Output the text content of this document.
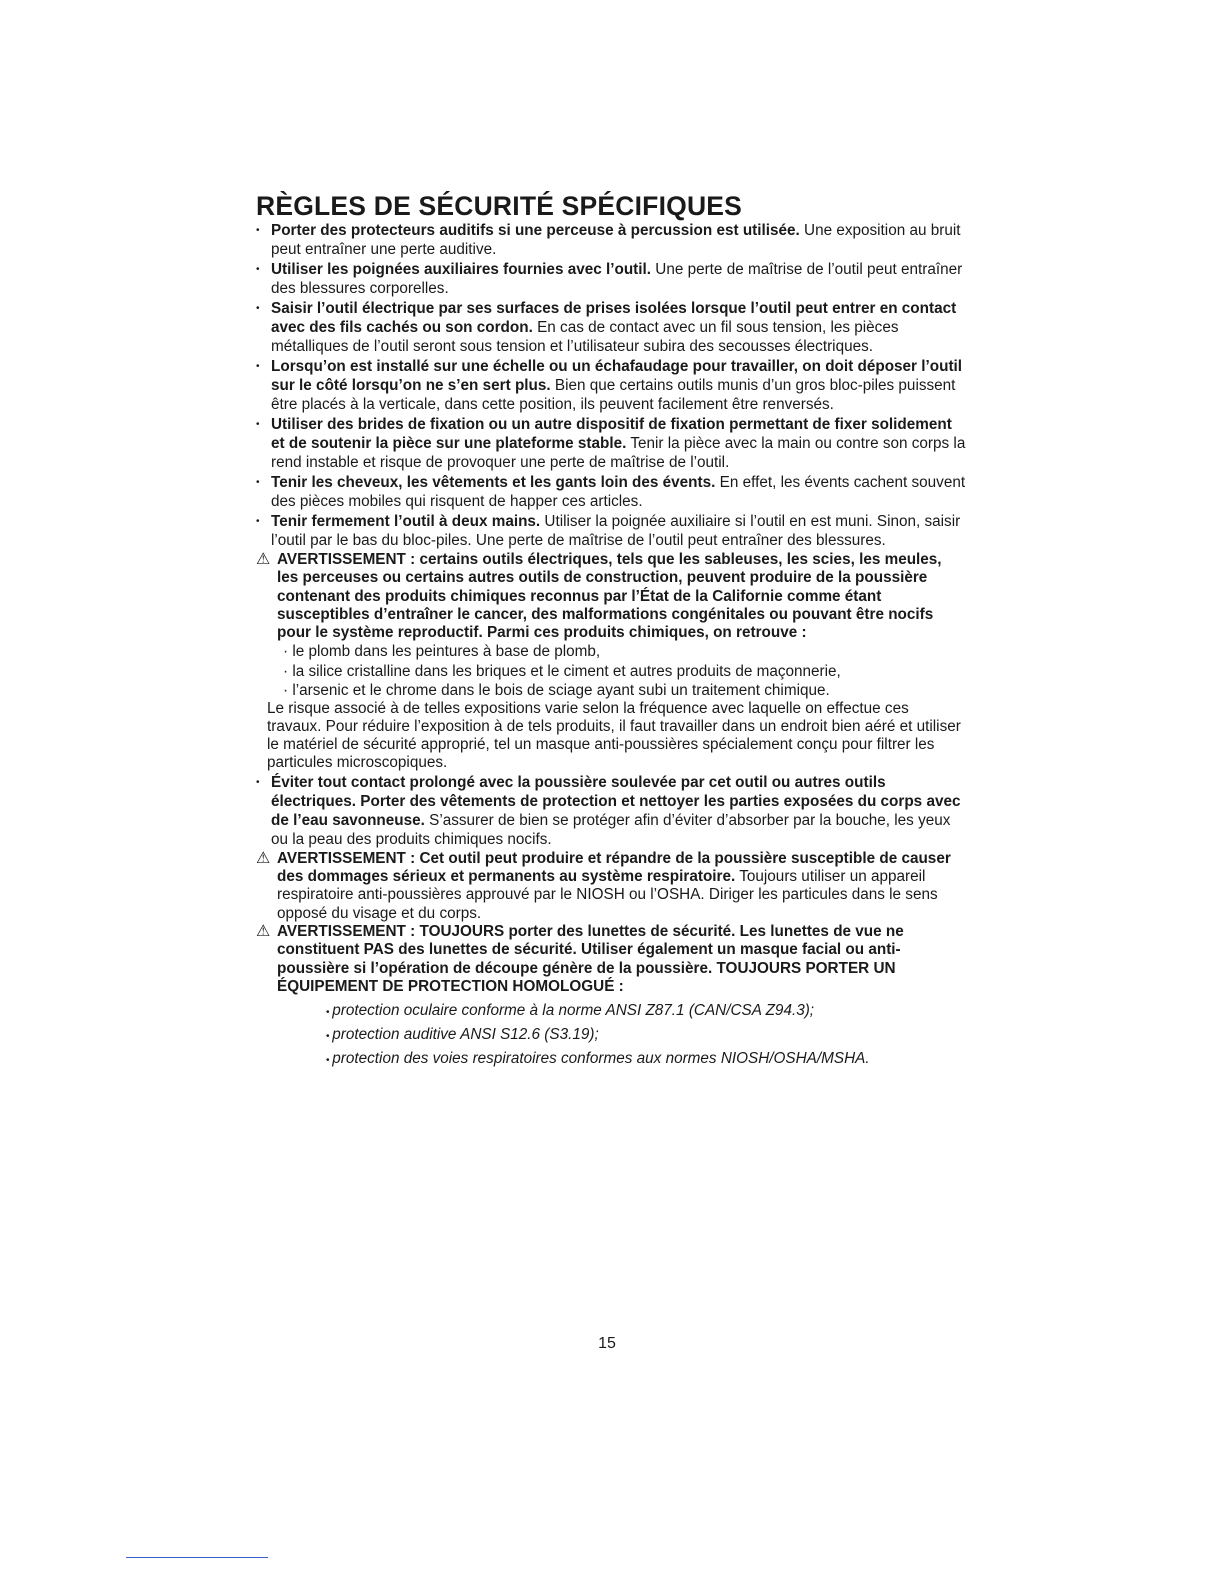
RÈGLES DE SÉCURITÉ SPÉCIFIQUES
• Porter des protecteurs auditifs si une perceuse à percussion est utilisée. Une exposition au bruit peut entraîner une perte auditive.
• Utiliser les poignées auxiliaires fournies avec l’outil. Une perte de maîtrise de l’outil peut entraîner des blessures corporelles.
• Saisir l’outil électrique par ses surfaces de prises isolées lorsque l’outil peut entrer en contact avec des fils cachés ou son cordon. En cas de contact avec un fil sous tension, les pièces métalliques de l’outil seront sous tension et l’utilisateur subira des secousses électriques.
• Lorsqu’on est installé sur une échelle ou un échafaudage pour travailler, on doit déposer l’outil sur le côté lorsqu’on ne s’en sert plus. Bien que certains outils munis d’un gros bloc-piles puissent être placés à la verticale, dans cette position, ils peuvent facilement être renversés.
• Utiliser des brides de fixation ou un autre dispositif de fixation permettant de fixer solidement et de soutenir la pièce sur une plateforme stable. Tenir la pièce avec la main ou contre son corps la rend instable et risque de provoquer une perte de maîtrise de l’outil.
• Tenir les cheveux, les vêtements et les gants loin des évents. En effet, les évents cachent souvent des pièces mobiles qui risquent de happer ces articles.
• Tenir fermement l’outil à deux mains. Utiliser la poignée auxiliaire si l’outil en est muni. Sinon, saisir l’outil par le bas du bloc-piles. Une perte de maîtrise de l’outil peut entraîner des blessures.
⚠ AVERTISSEMENT : certains outils électriques, tels que les sableuses, les scies, les meules, les perceuses ou certains autres outils de construction, peuvent produire de la poussière contenant des produits chimiques reconnus par l’État de la Californie comme étant susceptibles d’entraîner le cancer, des malformations congénitales ou pouvant être nocifs pour le système reproductif. Parmi ces produits chimiques, on retrouve :
· le plomb dans les peintures à base de plomb,
· la silice cristalline dans les briques et le ciment et autres produits de maçonnerie,
· l’arsenic et le chrome dans le bois de sciage ayant subi un traitement chimique.

Le risque associé à de telles expositions varie selon la fréquence avec laquelle on effectue ces travaux. Pour réduire l’exposition à de tels produits, il faut travailler dans un endroit bien aéré et utiliser le matériel de sécurité approprié, tel un masque anti-poussières spécialement conçu pour filtrer les particules microscopiques.

• Éviter tout contact prolongé avec la poussière soulevée par cet outil ou autres outils électriques. Porter des vêtements de protection et nettoyer les parties exposées du corps avec de l’eau savonneuse. S’assurer de bien se protéger afin d’éviter d’absorber par la bouche, les yeux ou la peau des produits chimiques nocifs.
⚠ AVERTISSEMENT : Cet outil peut produire et répandre de la poussière susceptible de causer des dommages sérieux et permanents au système respiratoire. Toujours utiliser un appareil respiratoire anti-poussières approuvé par le NIOSH ou l’OSHA. Diriger les particules dans le sens opposé du visage et du corps.
⚠ AVERTISSEMENT : TOUJOURS porter des lunettes de sécurité. Les lunettes de vue ne constituent PAS des lunettes de sécurité. Utiliser également un masque facial ou anti-poussière si l’opération de découpe génère de la poussière. TOUJOURS PORTER UN ÉQUIPEMENT DE PROTECTION HOMOLOGUÉ :
• protection oculaire conforme à la norme ANSI Z87.1 (CAN/CSA Z94.3);
• protection auditive ANSI S12.6 (S3.19);
• protection des voies respiratoires conformes aux normes NIOSH/OSHA/MSHA.
15
